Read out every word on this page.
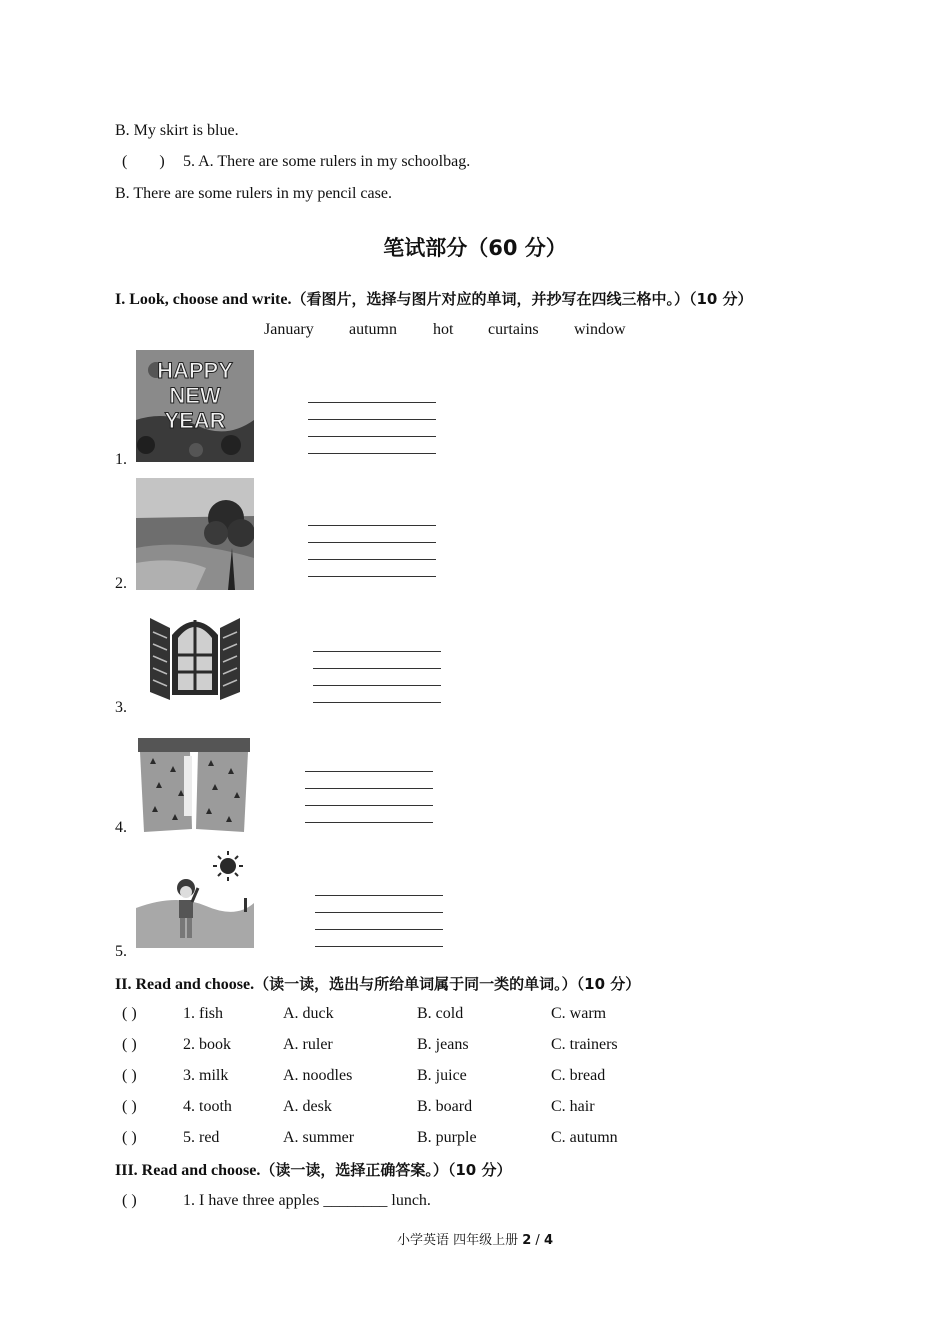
B. My skirt is blue.
(        ) 5. A. There are some rulers in my schoolbag.
B. There are some rulers in my pencil case.
笔试部分（60 分）
I. Look, choose and write.（看图片，选择与图片对应的单词，并抄写在四线三格中。）（10 分）
January autumn hot curtains window
HAPPY
NEW
YEAR
1.
2.
3.
4.
5.
II. Read and choose.（读一读，选出与所给单词属于同一类的单词。）（10 分）
( )	1. fish	A. duck	B. cold	C. warm
( )	2. book	A. ruler	B. jeans	C. trainers
( )	3. milk	A. noodles	B. juice	C. bread
( )	4. tooth	A. desk	B. board	C. hair
( )	5. red	A. summer	B. purple	C. autumn
III. Read and choose.（读一读，选择正确答案。）（10 分）
( )	1. I have three apples ________ lunch.
小学英语 四年级上册 2 / 4
